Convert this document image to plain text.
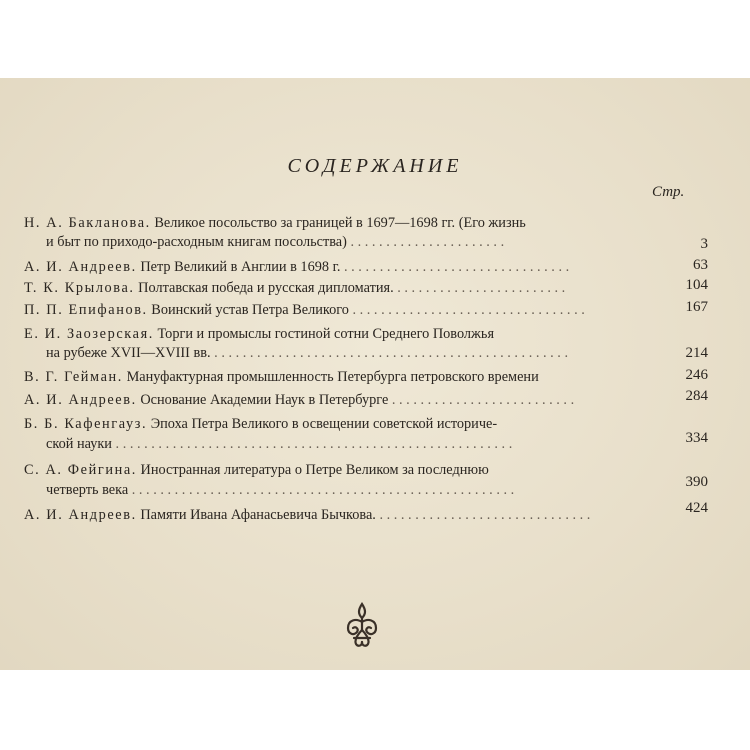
СОДЕРЖАНИЕ
Стр.
Н. А. Бакланова. Великое посольство за границей в 1697—1698 гг. (Его жизнь
и быт по приходо-расходным книгам посольства) . . . . . . . . . . . . . . . . . . . . . .	3
А. И. Андреев. Петр Великий в Англии в 1698 г. . . . . . . . . . . . . . . . . . . . . . . . . . . . . . . . .	63
Т. К. Крылова. Полтавская победа и русская дипломатия. . . . . . . . . . . . . . . . . . . . . . . . .	104
П. П. Епифанов. Воинский устав Петра Великого . . . . . . . . . . . . . . . . . . . . . . . . . . . . . . . . .	167
Е. И. Заозерская. Торги и промыслы гостиной сотни Среднего Поволжья
на рубеже XVII—XVIII вв. . . . . . . . . . . . . . . . . . . . . . . . . . . . . . . . . . . . . . . . . . . . . . . . . . .	214
В. Г. Гейман. Мануфактурная промышленность Петербурга петровского времени	246
А. И. Андреев. Основание Академии Наук в Петербурге . . . . . . . . . . . . . . . . . . . . . . . . . .	284
Б. Б. Кафенгауз. Эпоха Петра Великого в освещении советской историче-
ской науки . . . . . . . . . . . . . . . . . . . . . . . . . . . . . . . . . . . . . . . . . . . . . . . . . . . . . . . .	334
С. А. Фейгина. Иностранная литература о Петре Великом за последнюю
четверть века . . . . . . . . . . . . . . . . . . . . . . . . . . . . . . . . . . . . . . . . . . . . . . . . . . . . . .	390
А. И. Андреев. Памяти Ивана Афанасьевича Бычкова. . . . . . . . . . . . . . . . . . . . . . . . . . . . . . .	424
